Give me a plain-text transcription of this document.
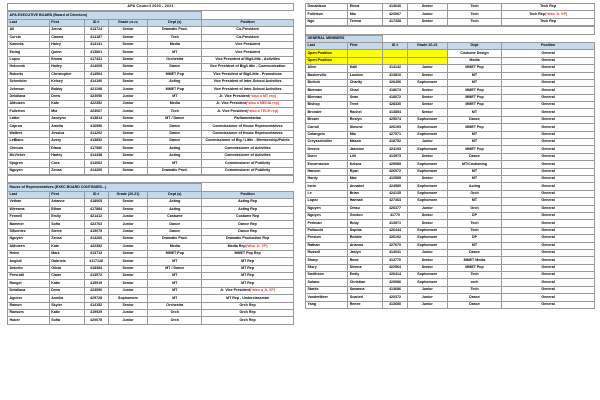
APA Council 2020 - 2021
APA EXECUTIVE BOARD (Board of Directors)					
Last	First	ID #	Grade (20-21)	Dept (s)	Position
Ali	Jenna	413724	Senior	Dramatic Prod.	Co-President
Curcio	Cianna	414187	Senior	Tech	Co-President
Kameda	Haley	414141	Senior	Media	Vice President
Ewing	Quinn	413861	Senior	MT	Vice President
Lopez	Emma	417431	Senior	Orchestra	Vice President of Big/Little - Activities
Holcomb	Hailey	414009	Senior	Dance	Vice President of Big/Little - Communication
Roberts	Christopher	414564	Senior	MMET Pop	Vice President of Big/Little - Promotions
Schneider	Kelsey	414190	Senior	Acting	Vice President of Inter-School Activities
Johnson	Bobby	421198	Junior	MMET Pop	Vice President of Inter-School Activities
Delallana	Drew	423090	Junior	MT	Jr. Vice President(*also a MT rep)
Althusen	Kate	422352	Junior	Media	Jr. Vice President(*also a MEDIA rep)
Fullerton	Mia	423067	Junior	Tech	Jr. Vice President(*also a TECH rep)
Latter	Jaedynn	413814	Senior	MT / Dance	Parliamentarian
Capron	Amelia	416556	Senior	Dance	Commissioner of House Representatives
Walters	Jessica	414202	Senior	Dance	Commissioner of House Representatives
LeBlanc	Avery	413852	Senior	Dance	Commissioner of Big / Little - Membership/Points
Chmura	Diana	417580	Senior	Acting	Commissioner of Activities
McVicker	Harley	414438	Senior	Acting	Commissioner of Activities
Sjogren	Cora	414062	Senior	MT	Commissioner of Publicity
Nguyen	Zensa	414260	Senior	Dramatic Prod.	Commissioner of Publicity
House of Representatives (EXEC BOARD CONTINUED...)					
Last	First	ID #	Grade (20-21)	Dept (s)	Position
Vethan	Arianne	418065	Senior	Acting	Acting Rep
Wiersma	Ethan	417884	Senior	Acting	Acting Rep
Fennell	Emily	421412	Junior	Costume	Costume Rep
Bammer	Sofia	422763	Junior	Dance	Dance Rep
Sifuentes	Sierra	415079	Junior	Dance	Dance Rep
Nguyen	Zensa	414260	Senior	Dramatic Prod.	Dramatic Production Rep
Althusen	Kate	422352	Junior	Media	Media Rep(*also Jr. VP)
Heine	Mark	413713	Senior	MMET Pop	MMET Pop Rep
Angiuli	Gabriela	4117128	Senior	MT	MT Rep
Aniceto	Olivia	418384	Senior	MT / Dance	MT Rep
Prevratil	Claire	413572	Senior	MT	MT Rep
Rangel	Katie	415919	Senior	MT	MT Rep
Delallana	Drew	423090	Junior	MT	Jr. Vice President(*also a Jr. VP)
Aguirre	Annika	425728	Sophomore	MT	MT Rep - Underclassman
Ramon	Skyler	414152	Senior	Orchestra	Orch Rep
Ransom	Katie	419929	Junior	Orch	Orch Rep
Huber	Sofia	420075	Junior	Orch	Orch Rep
Donaldson	Elena	413640	Senior	Tech	Tech Rep
Fullerton	Mia	423067	Junior	Tech	Tech Rep(*also Jr. VP)
Ngo	Teresa	417338	Senior	Tech	Tech Rep
GENERAL MEMBERS					
Last	First	ID #	Grade 20-21	Dept	Position
Open Position				Costume Design	General
Open Position				Media	General
Allen	Kalli	414142	Junior	MMET Pop	General
Baskerville	London	413810	Senior	MT	General
Bielicki	Charity	426456	Sophomore	MT	General
Bierman	Chad	418073	Senior	MMET Pop	General
Bierman	Sean	418072	Senior	MMET Pop	General
Bishop	Trent	428330	Senior	MMET Pop	General
Bronder	Rachel	413854	Senior	MT	General
Brown	Roslyn	425074	Sophomore	Dance	General
Carroll	Simone	426193	Sophomore	MMET Pop	General
Colangelo	Mia	427571	Sophomore	MT	General
Creysselmiller	Mason	418752	Junior	MT	General
Dennis	Jasmine	424193	Sophomore	MMET Pop	General
Dunn	Lilli	413973	Senior	Dance	General
Encarnacion	Kelsea	425585	Sophomore	MT/Costuming	General
Hansen	Ryan	426972	Sophomore	MT	General
Hardy	Max	413585	Senior	MT	General
Irwin	Annabel	424589	Sophomore	Acting	General
Le	Brian	424135	Sophomore	Orch	General
Lopez	Hannah	427463	Sophomore	MT	General
Nguyen	Omsu	426377	Junior	Orch	General
Nguyen	Gordon	41770	Senior	DP	General
Perlman	Ruby	413971	Senior	Tech	General
Pollacchi	Sophia	426444	Sophomore	Tech	General
Preston	Robbie	426192	Sophomore	DP	General
Rathan	Arianna	427670	Sophomore	MT	General
Russell	Jaslyn	414041	Junior	Dance	General
Sharp	Reed	413770	Senior	MMET Media	General
Story	Sienna	422564	Senior	MMET Pop	General
Smithson	Emily	426414	Sophomore	Tech	General
Solano	Christian	425986	Sophomore	orch	General
Starks	Savanna	413686	Junior	Tech	General
VanderMeer	Scarlett	420372	Junior	Dance	General
Yang	Renee	413680	Junior	Dance	General
